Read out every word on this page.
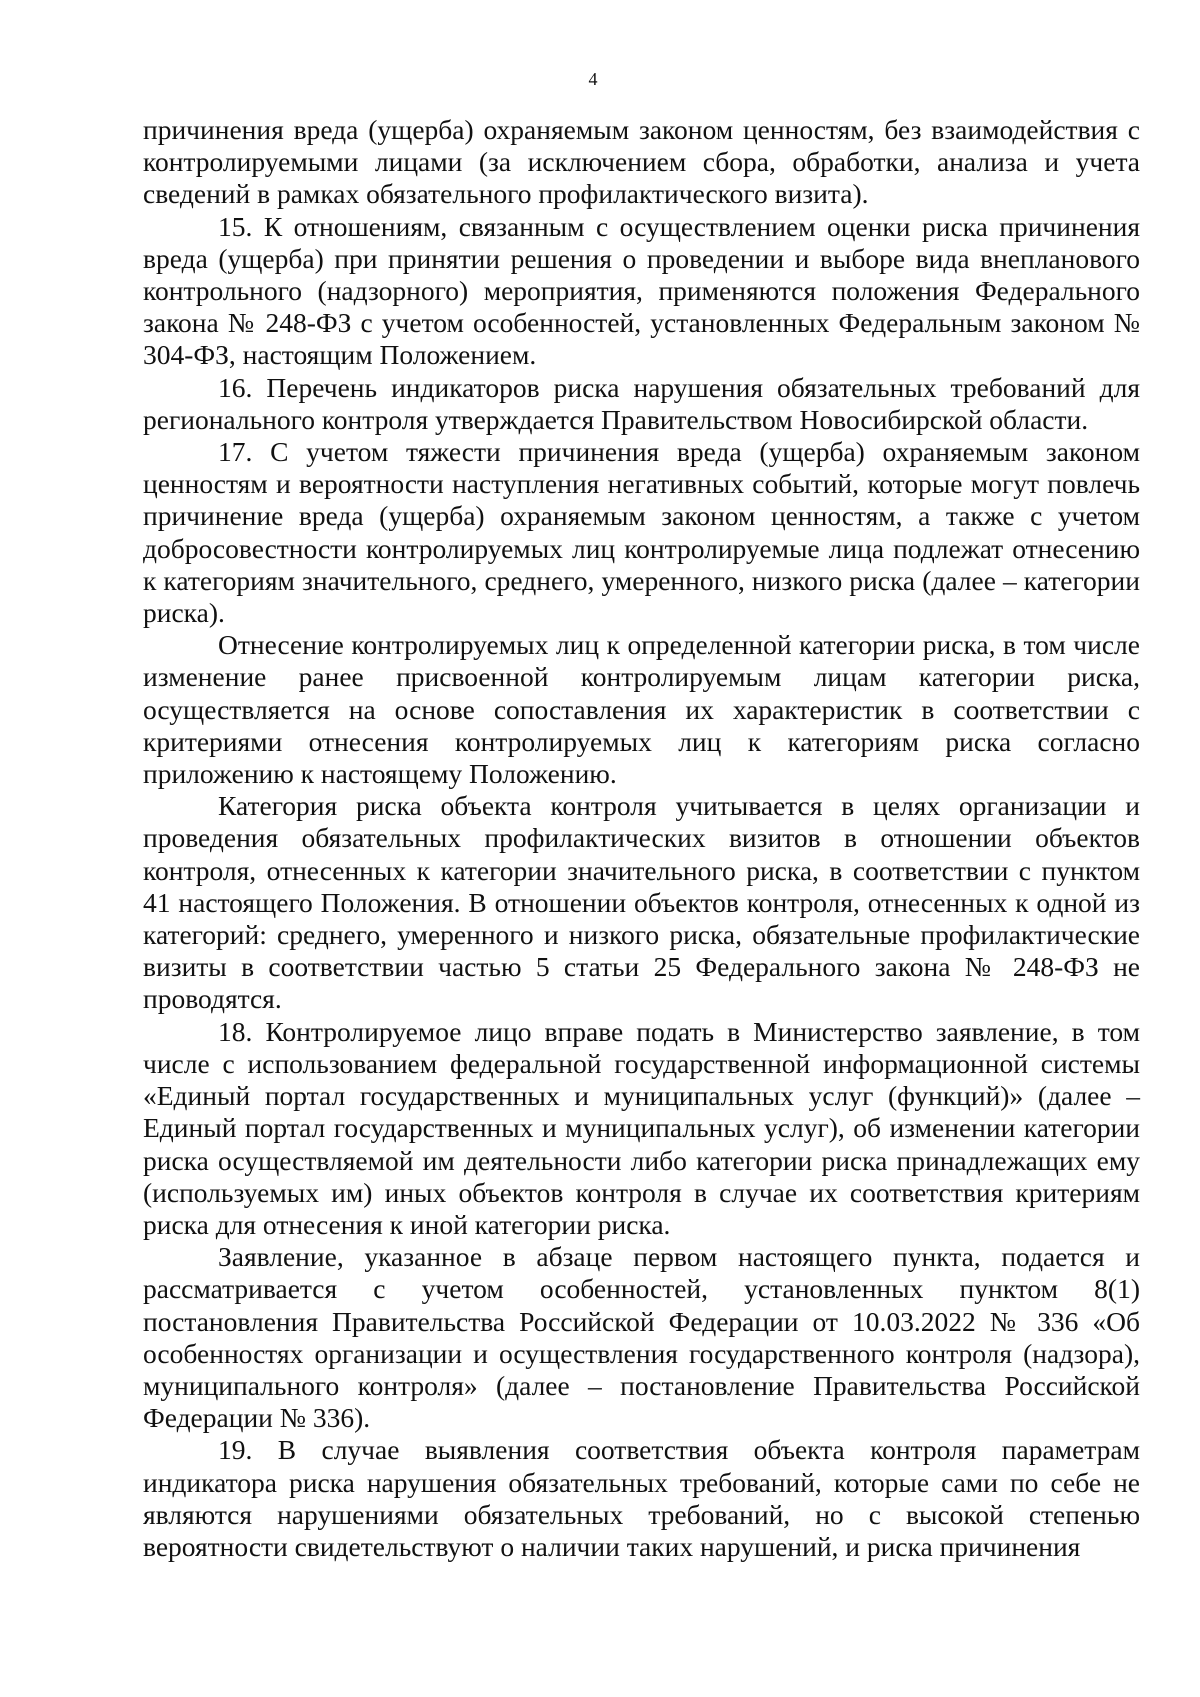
4

причинения вреда (ущерба) охраняемым законом ценностям, без взаимодействия с контролируемыми лицами (за исключением сбора, обработки, анализа и учета сведений в рамках обязательного профилактического визита).

15. К отношениям, связанным с осуществлением оценки риска причинения вреда (ущерба) при принятии решения о проведении и выборе вида внепланового контрольного (надзорного) мероприятия, применяются положения Федерального закона № 248-ФЗ с учетом особенностей, установленных Федеральным законом № 304-ФЗ, настоящим Положением.

16. Перечень индикаторов риска нарушения обязательных требований для регионального контроля утверждается Правительством Новосибирской области.

17. С учетом тяжести причинения вреда (ущерба) охраняемым законом ценностям и вероятности наступления негативных событий, которые могут повлечь причинение вреда (ущерба) охраняемым законом ценностям, а также с учетом добросовестности контролируемых лиц контролируемые лица подлежат отнесению к категориям значительного, среднего, умеренного, низкого риска (далее – категории риска).

Отнесение контролируемых лиц к определенной категории риска, в том числе изменение ранее присвоенной контролируемым лицам категории риска, осуществляется на основе сопоставления их характеристик в соответствии с критериями отнесения контролируемых лиц к категориям риска согласно приложению к настоящему Положению.

Категория риска объекта контроля учитывается в целях организации и проведения обязательных профилактических визитов в отношении объектов контроля, отнесенных к категории значительного риска, в соответствии с пунктом 41 настоящего Положения. В отношении объектов контроля, отнесенных к одной из категорий: среднего, умеренного и низкого риска, обязательные профилактические визиты в соответствии частью 5 статьи 25 Федерального закона № 248-ФЗ не проводятся.

18. Контролируемое лицо вправе подать в Министерство заявление, в том числе с использованием федеральной государственной информационной системы «Единый портал государственных и муниципальных услуг (функций)» (далее – Единый портал государственных и муниципальных услуг), об изменении категории риска осуществляемой им деятельности либо категории риска принадлежащих ему (используемых им) иных объектов контроля в случае их соответствия критериям риска для отнесения к иной категории риска.

Заявление, указанное в абзаце первом настоящего пункта, подается и рассматривается с учетом особенностей, установленных пунктом 8(1) постановления Правительства Российской Федерации от 10.03.2022 № 336 «Об особенностях организации и осуществления государственного контроля (надзора), муниципального контроля» (далее – постановление Правительства Российской Федерации № 336).

19. В случае выявления соответствия объекта контроля параметрам индикатора риска нарушения обязательных требований, которые сами по себе не являются нарушениями обязательных требований, но с высокой степенью вероятности свидетельствуют о наличии таких нарушений, и риска причинения
